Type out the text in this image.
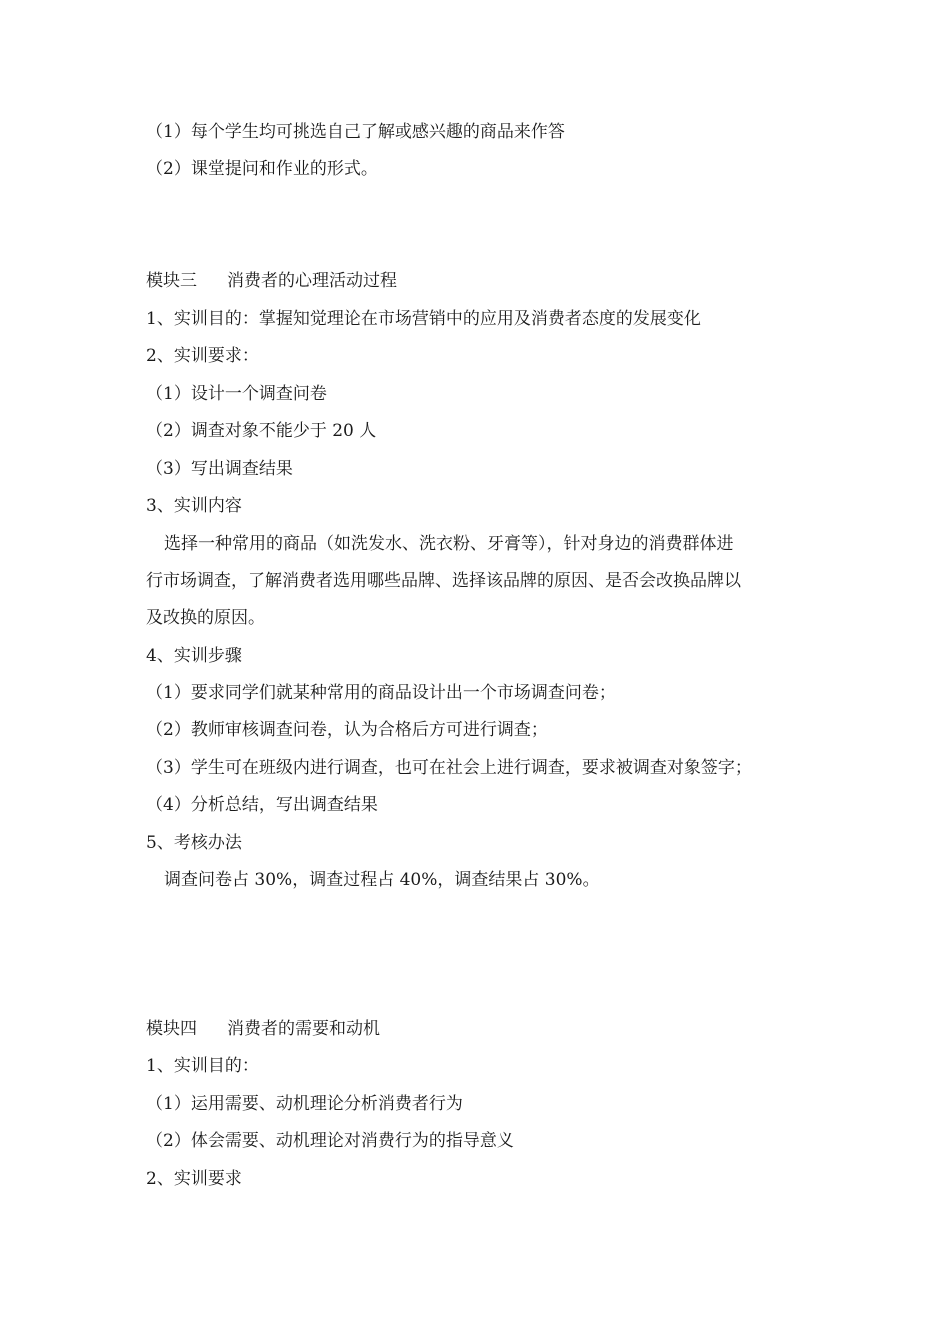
（1）每个学生均可挑选自己了解或感兴趣的商品来作答
（2）课堂提问和作业的形式。
模块三 消费者的心理活动过程
1、实训目的：掌握知觉理论在市场营销中的应用及消费者态度的发展变化
2、实训要求：
（1）设计一个调查问卷
（2）调查对象不能少于 20 人
（3）写出调查结果
3、实训内容
选择一种常用的商品（如洗发水、洗衣粉、牙膏等），针对身边的消费群体进
行市场调查，了解消费者选用哪些品牌、选择该品牌的原因、是否会改换品牌以
及改换的原因。
4、实训步骤
（1）要求同学们就某种常用的商品设计出一个市场调查问卷；
（2）教师审核调查问卷，认为合格后方可进行调查；
（3）学生可在班级内进行调查，也可在社会上进行调查，要求被调查对象签字；
（4）分析总结，写出调查结果
5、考核办法
调查问卷占 30%，调查过程占 40%，调查结果占 30%。
模块四 消费者的需要和动机
1、实训目的：
（1）运用需要、动机理论分析消费者行为
（2）体会需要、动机理论对消费行为的指导意义
2、实训要求
